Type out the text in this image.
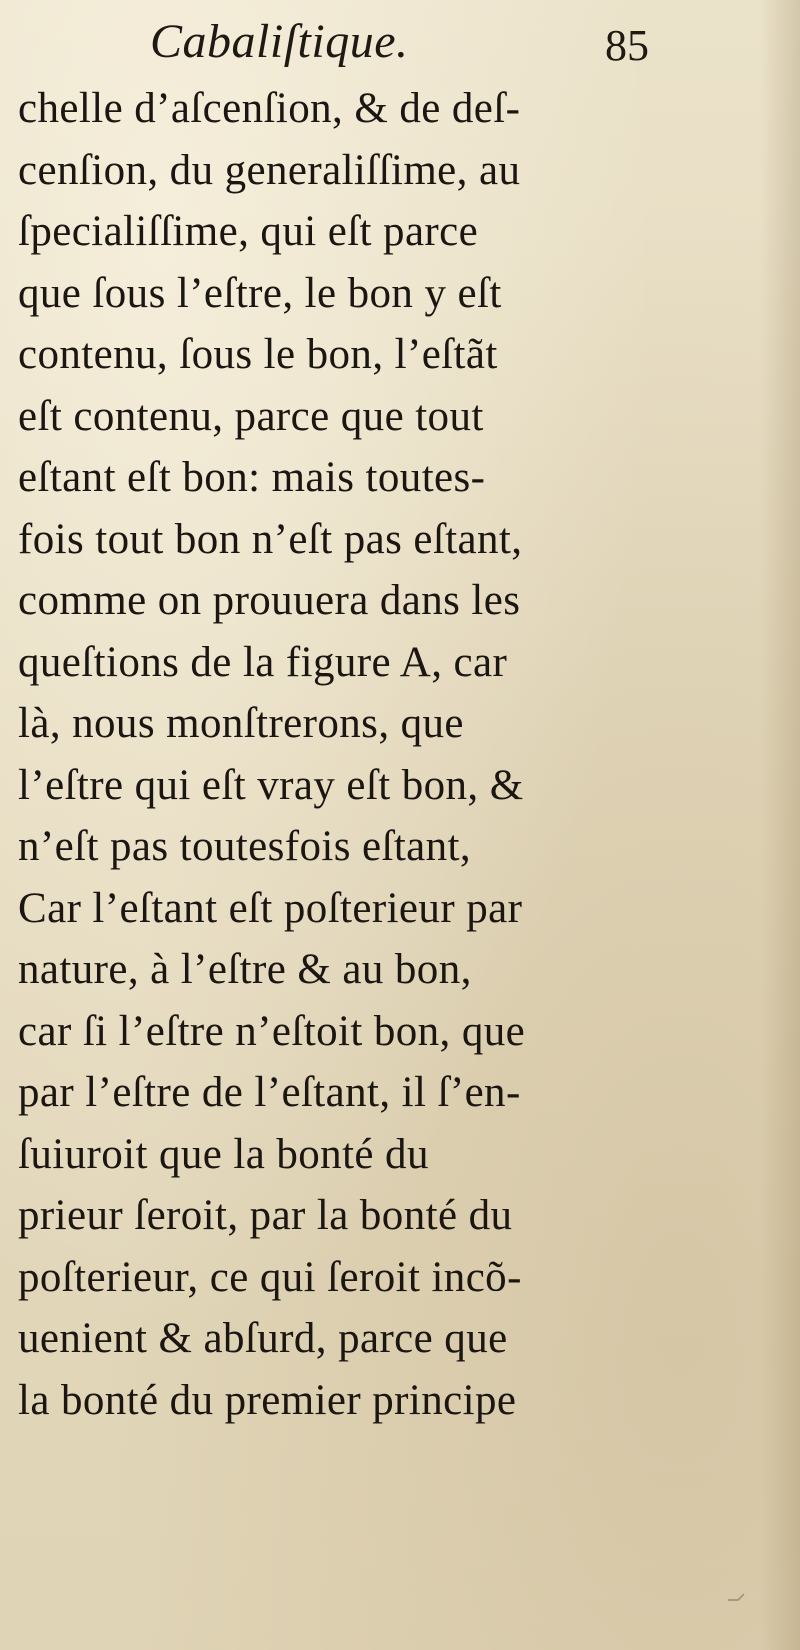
Cabaliſtique.	85
chelle d’aſcenſion, & de deſ-
cenſion, du generaliſſime, au
ſpecialiſſime, qui eſt parce
que ſous l’eſtre, le bon y eſt
contenu, ſous le bon, l’eſtãt
eſt contenu, parce que tout
eſtant eſt bon: mais toutes-
fois tout bon n’eſt pas eſtant,
comme on prouuera dans les
queſtions de la figure A, car
là, nous monſtrerons, que
l’eſtre qui eſt vray eſt bon, &
n’eſt pas toutesfois eſtant,
Car l’eſtant eſt poſterieur par
nature, à l’eſtre & au bon,
car ſi l’eſtre n’eſtoit bon, que
par l’eſtre de l’eſtant, il ſ’en-
ſuiuroit que la bonté du
prieur ſeroit, par la bonté du
poſterieur, ce qui ſeroit incõ-
uenient & abſurd, parce que
la bonté du premier principe
